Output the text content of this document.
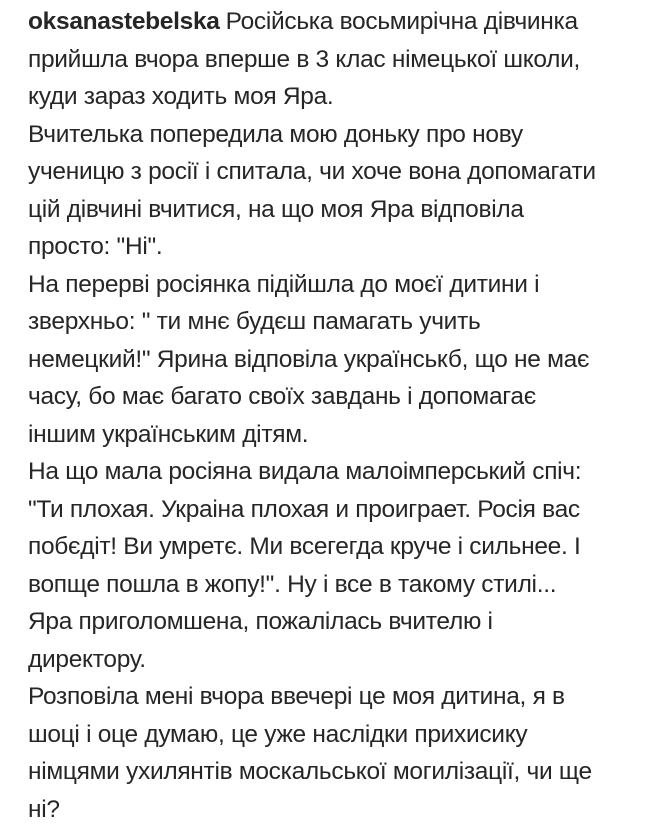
oksanastebelska Російська восьмирічна дівчинка
прийшла вчора вперше в 3 клас німецької школи,
куди зараз ходить моя Яра.
Вчителька попередила мою доньку про нову
ученицю з росії і спитала, чи хоче вона допомагати
цій дівчині вчитися, на що моя Яра відповіла
просто: "Ні".
На перерві росіянка підійшла до моєї дитини і
зверхньо: " ти мнє будєш памагать учить
немецкий!" Ярина відповіла українськб, що не має
часу, бо має багато своїх завдань і допомагає
іншим українським дітям.
На що мала росіяна видала малоімперський спіч:
"Ти плохая. Украіна плохая и проиграет. Росія вас
побєдіт! Ви умретє. Ми всегегда круче і сильнее. І
вопще пошла в жопу!". Ну і все в такому стилі...
Яра приголомшена, пожалілась вчителю і
директору.
Розповіла мені вчора ввечері це моя дитина, я в
шоці і оце думаю, це уже наслідки прихисику
німцями ухилянтів москальської могилізації, чи ще
ні?
